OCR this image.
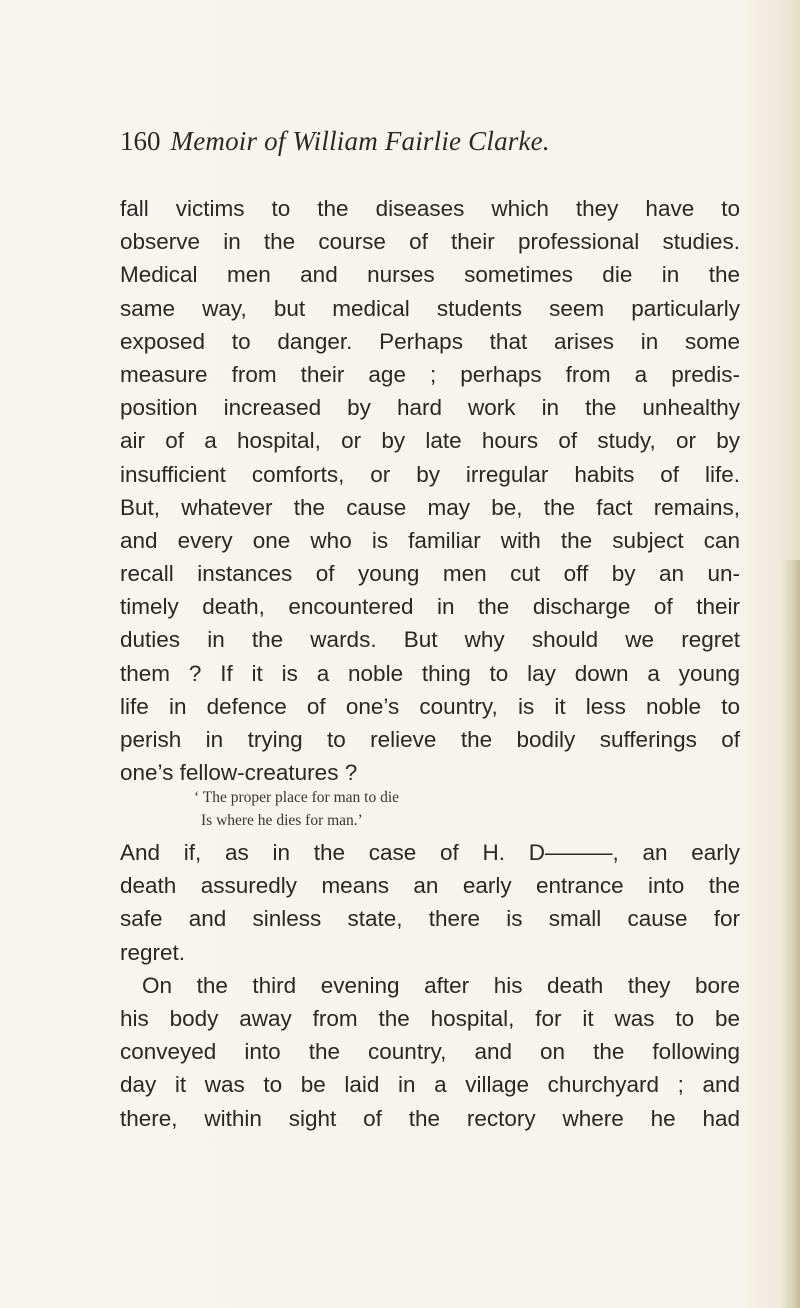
160 Memoir of William Fairlie Clarke.
fall victims to the diseases which they have to
observe in the course of their professional studies.
Medical men and nurses sometimes die in the
same way, but medical students seem particularly
exposed to danger. Perhaps that arises in some
measure from their age ; perhaps from a predis-
position increased by hard work in the unhealthy
air of a hospital, or by late hours of study, or by
insufficient comforts, or by irregular habits of life.
But, whatever the cause may be, the fact remains,
and every one who is familiar with the subject can
recall instances of young men cut off by an un-
timely death, encountered in the discharge of their
duties in the wards. But why should we regret
them ? If it is a noble thing to lay down a young
life in defence of one’s country, is it less noble to
perish in trying to relieve the bodily sufferings of
one’s fellow-creatures ?
‘ The proper place for man to die
Is where he dies for man.’
And if, as in the case of H. D———, an early
death assuredly means an early entrance into the
safe and sinless state, there is small cause for
regret.
On the third evening after his death they bore
his body away from the hospital, for it was to be
conveyed into the country, and on the following
day it was to be laid in a village churchyard ; and
there, within sight of the rectory where he had
